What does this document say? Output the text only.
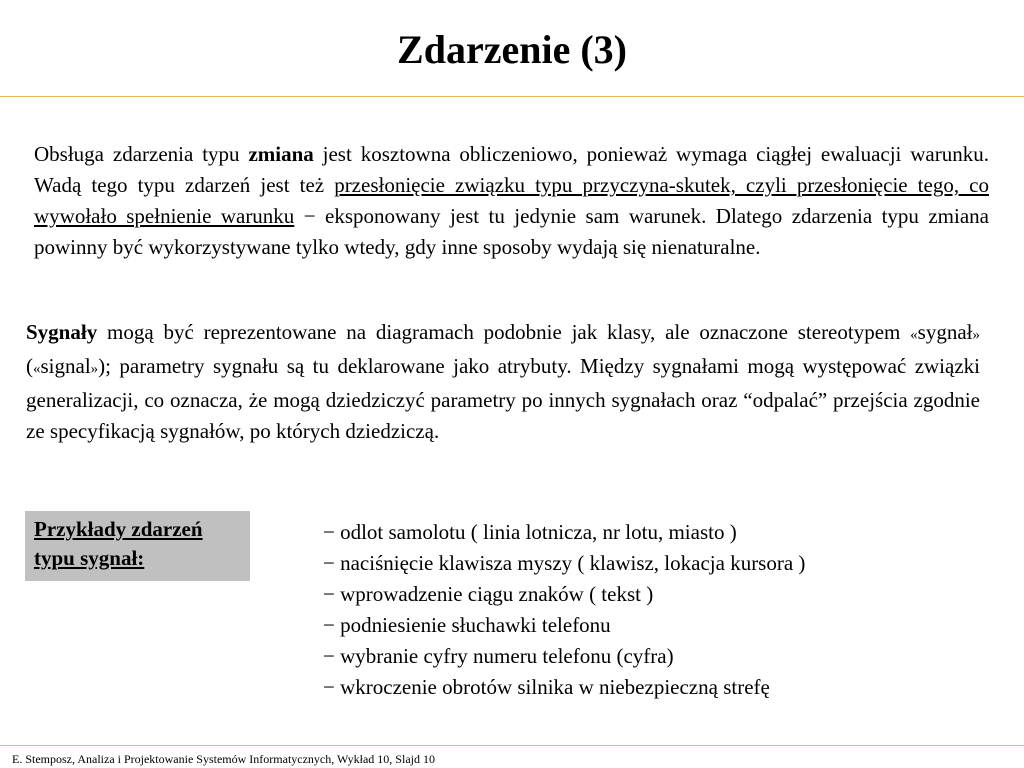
Zdarzenie (3)
Obsługa zdarzenia typu zmiana jest kosztowna obliczeniowo, ponieważ wymaga ciągłej ewaluacji warunku. Wadą tego typu zdarzeń jest też przesłonięcie związku typu przyczyna-skutek, czyli przesłonięcie tego, co wywołało spełnienie warunku − eksponowany jest tu jedynie sam warunek. Dlatego zdarzenia typu zmiana powinny być wykorzystywane tylko wtedy, gdy inne sposoby wydają się nienaturalne.
Sygnały mogą być reprezentowane na diagramach podobnie jak klasy, ale oznaczone stereotypem «sygnał» («signal»); parametry sygnału są tu deklarowane jako atrybuty. Między sygnałami mogą występować związki generalizacji, co oznacza, że mogą dziedziczyć parametry po innych sygnałach oraz “odpalać” przejścia zgodnie ze specyfikacją sygnałów, po których dziedziczą.
Przykłady zdarzeń
typu sygnał:
− odlot samolotu ( linia lotnicza, nr lotu, miasto )
− naciśnięcie klawisza myszy ( klawisz, lokacja kursora )
− wprowadzenie ciągu znaków ( tekst )
− podniesienie słuchawki telefonu
− wybranie cyfry numeru telefonu (cyfra)
− wkroczenie obrotów silnika w niebezpieczną strefę
E. Stemposz, Analiza i Projektowanie Systemów Informatycznych, Wykład 10, Slajd 10
